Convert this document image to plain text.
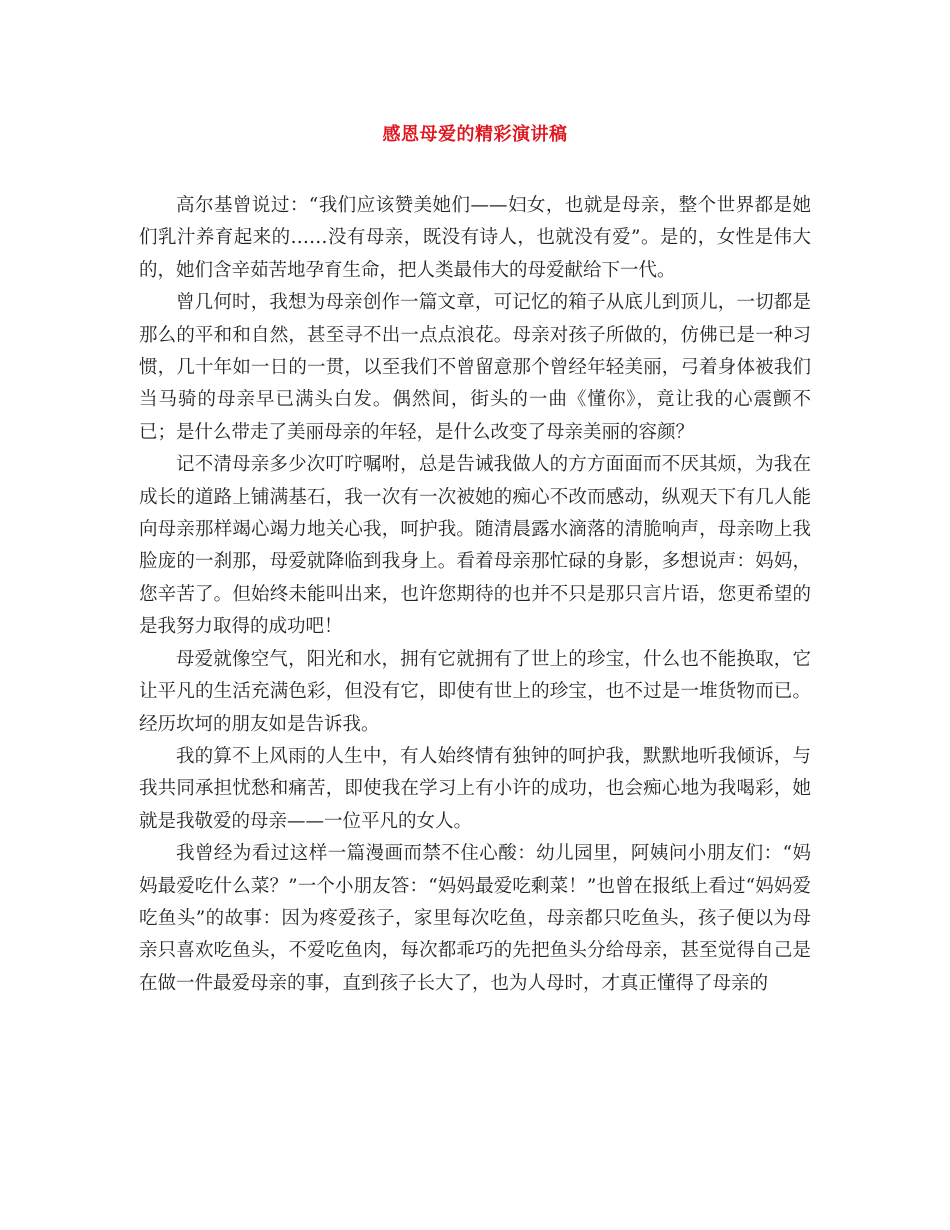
感恩母爱的精彩演讲稿

高尔基曾说过：“我们应该赞美她们——妇女，也就是母亲，整个世界都是她们乳汁养育起来的……没有母亲，既没有诗人，也就没有爱”。是的，女性是伟大的，她们含辛茹苦地孕育生命，把人类最伟大的母爱献给下一代。

曾几何时，我想为母亲创作一篇文章，可记忆的箱子从底儿到顶儿，一切都是那么的平和和自然，甚至寻不出一点点浪花。母亲对孩子所做的，仿佛已是一种习惯，几十年如一日的一贯，以至我们不曾留意那个曾经年轻美丽，弓着身体被我们当马骑的母亲早已满头白发。偶然间，街头的一曲《懂你》，竟让我的心震颤不已；是什么带走了美丽母亲的年轻，是什么改变了母亲美丽的容颜？

记不清母亲多少次叮咛嘱咐，总是告诫我做人的方方面面而不厌其烦，为我在成长的道路上铺满基石，我一次有一次被她的痴心不改而感动，纵观天下有几人能向母亲那样竭心竭力地关心我，呵护我。随清晨露水滴落的清脆响声，母亲吻上我脸庞的一刹那，母爱就降临到我身上。看着母亲那忙碌的身影，多想说声：妈妈，您辛苦了。但始终未能叫出来，也许您期待的也并不只是那只言片语，您更希望的是我努力取得的成功吧！

母爱就像空气，阳光和水，拥有它就拥有了世上的珍宝，什么也不能换取，它让平凡的生活充满色彩，但没有它，即使有世上的珍宝，也不过是一堆货物而已。经历坎坷的朋友如是告诉我。

我的算不上风雨的人生中，有人始终情有独钟的呵护我，默默地听我倾诉，与我共同承担忧愁和痛苦，即使我在学习上有小许的成功，也会痴心地为我喝彩，她就是我敬爱的母亲——一位平凡的女人。

我曾经为看过这样一篇漫画而禁不住心酸：幼儿园里，阿姨问小朋友们：“妈妈最爱吃什么菜？”一个小朋友答：“妈妈最爱吃剩菜！”也曾在报纸上看过“妈妈爱吃鱼头”的故事：因为疼爱孩子，家里每次吃鱼，母亲都只吃鱼头，孩子便以为母亲只喜欢吃鱼头，不爱吃鱼肉，每次都乖巧的先把鱼头分给母亲，甚至觉得自己是在做一件最爱母亲的事，直到孩子长大了，也为人母时，才真正懂得了母亲的
